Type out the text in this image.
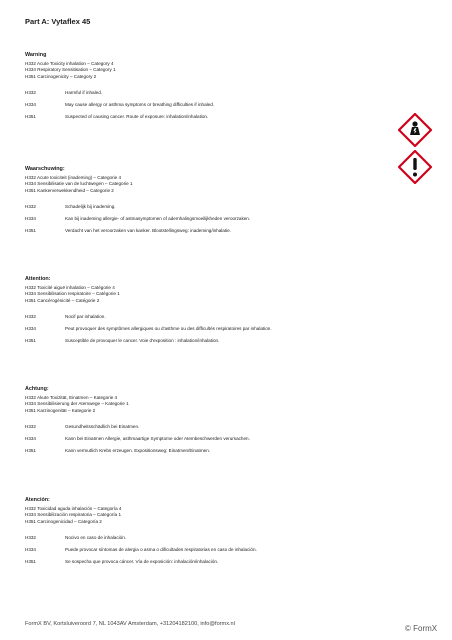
Part A: Vytaflex 45
Warning
H332 Acute Toxicity inhalation – Category 4
H334 Respiratory Sensitisation – Category 1
H351 Carcinogenicity – Category 2
H332	Harmful if inhaled.
H334	May cause allergy or asthma symptoms or breathing difficulties if inhaled.
H351	Suspected of causing cancer. Route of exposure: inhalation/inhalation.
Waarschuwing:
H332 Acute toxiciteit (inademing) – Categorie 4
H334 Sensibilisatie van de luchtwegen – Categorie 1
H351 Kankerverwekkendheid – Categorie 2
H332	Schadelijk bij inademing.
H334	Kan bij inademing allergie- of astmasymptomen of ademhalingsmoeilijkheden veroorzaken.
H351	Verdacht van het veroorzaken van kanker. Blootstellingsweg: inademing/inhalatie.
Attention:
H332 Toxicité aiguë inhalation – Catégorie 4
H334 Sensibilisation respiratoire – Catégorie 1
H351 Cancérogénicité – Catégorie 2
H332	Nocif par inhalation.
H334	Peut provoquer des symptômes allergiques ou d'asthme ou des difficultés respiratoires par inhalation.
H351	Susceptible de provoquer le cancer. Voie d'exposition : inhalation/inhalation.
Achtung:
H332 Akute Toxizität, Einatmen – Kategorie 4
H334 Sensibilisierung der Atemwege – Kategorie 1
H351 Karzinogenität – Kategorie 2
H332	Gesundheitsschädlich bei Einatmen.
H334	Kann bei Einatmen Allergie, asthmaartige Symptome oder Atembeschwerden verursachen.
H351	Kann vermutlich Krebs erzeugen. Expositionsweg: Einatmen/Einatmen.
Atención:
H332 Toxicidad aguda inhalación – Categoría 4
H334 Sensibilización respiratoria – Categoría 1
H351 Carcinogenicidad – Categoría 2
H332	Nocivo en caso de inhalación.
H334	Puede provocar síntomas de alergia o asma o dificultades respiratorias en caso de inhalación.
H351	Se sospecha que provoca cáncer. Vía de exposición: inhalación/inhalación.
FormX BV, Kortsluiveroord 7, NL 1043AV Amsterdam, +31204182100, info@formx.nl	© FormX
